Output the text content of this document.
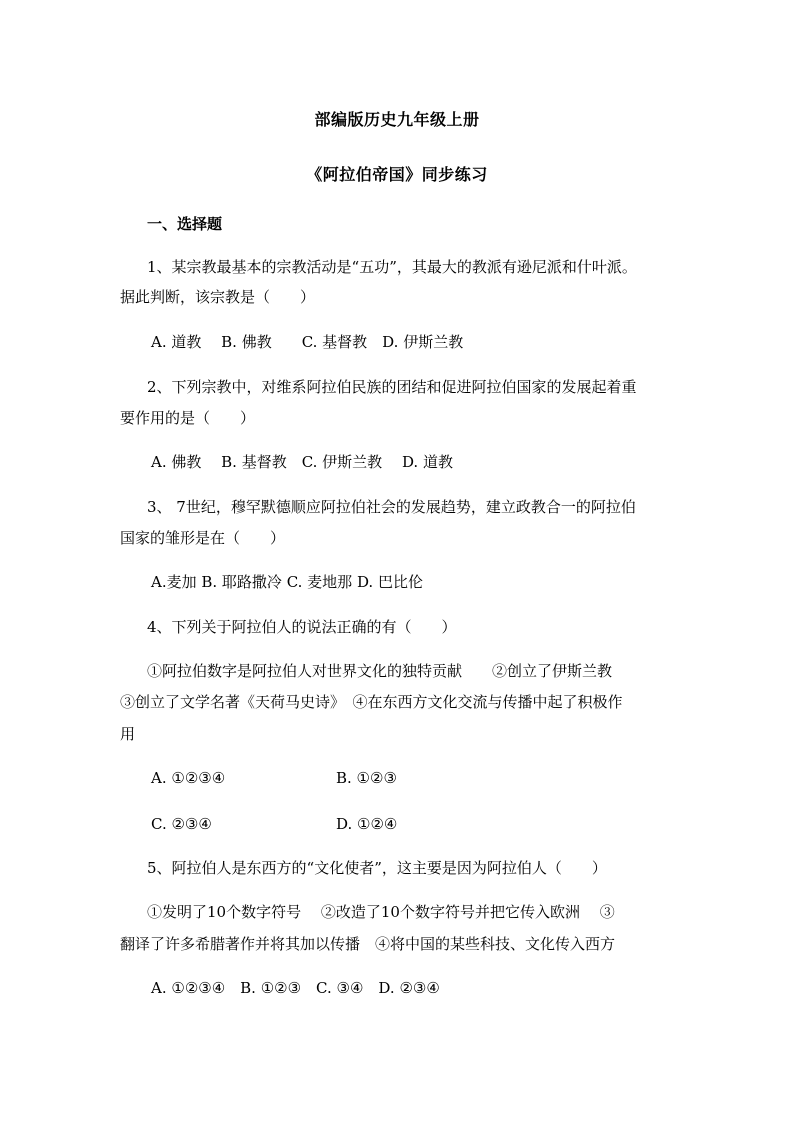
部编版历史九年级上册
《阿拉伯帝国》同步练习
一、选择题
1、某宗教最基本的宗教活动是“五功”，其最大的教派有逊尼派和什叶派。
据此判断，该宗教是（　　）
A. 道教　 B. 佛教　　C. 基督教　D. 伊斯兰教
2、下列宗教中，对维系阿拉伯民族的团结和促进阿拉伯国家的发展起着重
要作用的是（　　）
A. 佛教　 B. 基督教　C. 伊斯兰教　 D. 道教
3、 7世纪，穆罕默德顺应阿拉伯社会的发展趋势，建立政教合一的阿拉伯
国家的雏形是在（　　）
A.麦加 B. 耶路撒冷 C. 麦地那 D. 巴比伦
4、下列关于阿拉伯人的说法正确的有（　　）
①阿拉伯数字是阿拉伯人对世界文化的独特贡献　　②创立了伊斯兰教
③创立了文学名著《天荷马史诗》　④在东西方文化交流与传播中起了积极作
用
A. ①②③④	B. ①②③
C. ②③④	D. ①②④
5、阿拉伯人是东西方的“文化使者”，这主要是因为阿拉伯人（　　）
①发明了10个数字符号　 ②改造了10个数字符号并把它传入欧洲　 ③
翻译了许多希腊著作并将其加以传播　④将中国的某些科技、文化传入西方
A. ①②③④　B. ①②③　C. ③④　D. ②③④
